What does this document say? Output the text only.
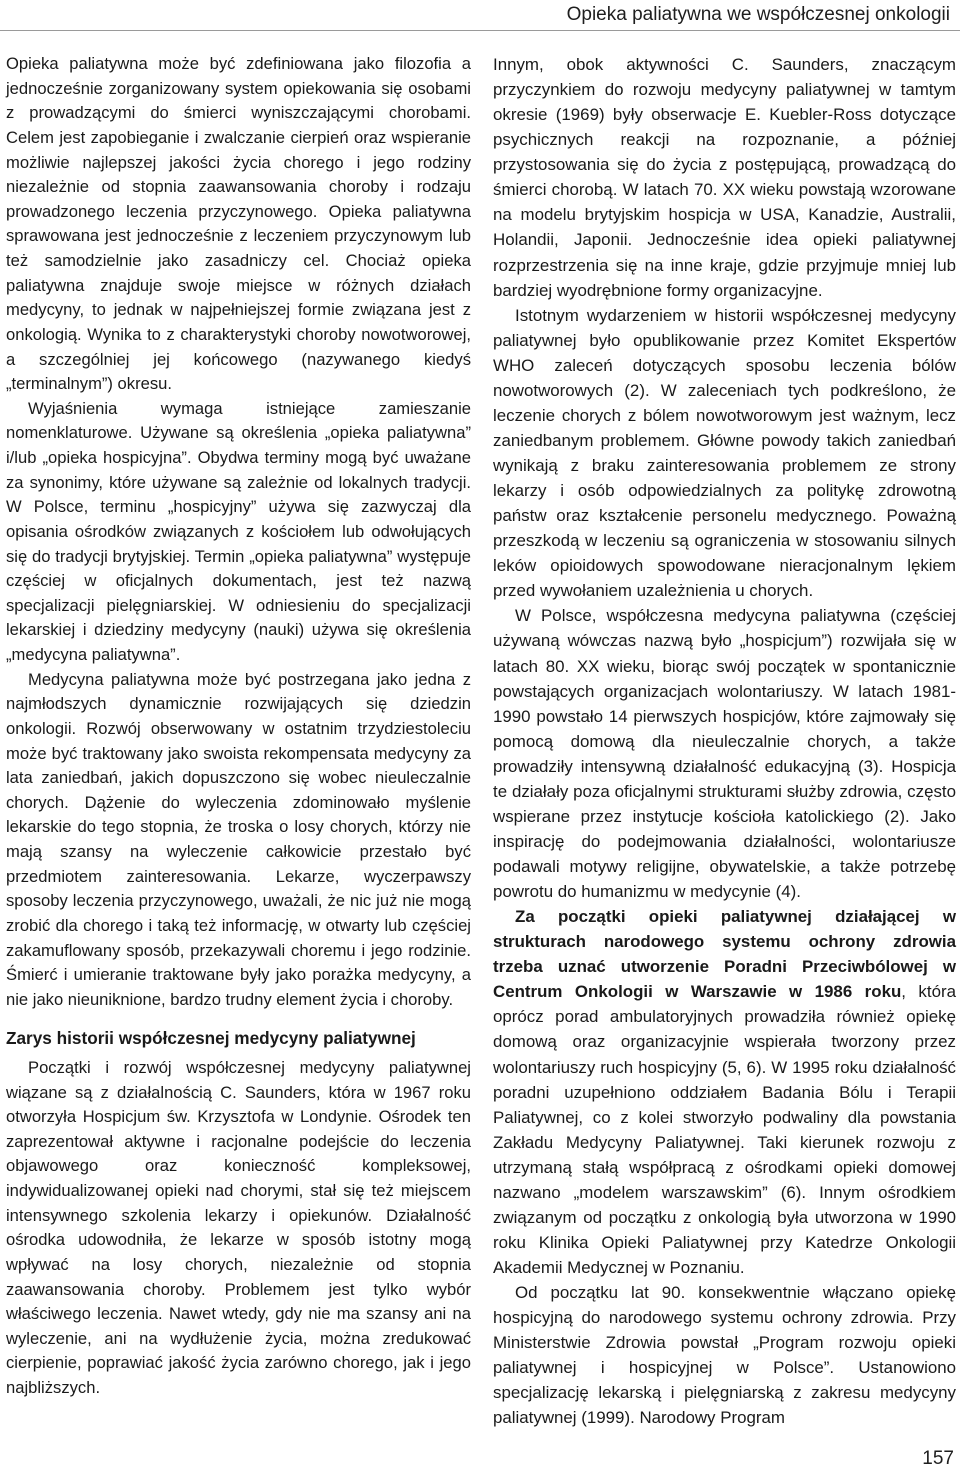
Opieka paliatywna we współczesnej onkologii

Opieka paliatywna może być zdefiniowana jako filozofia a jednocześnie zorganizowany system opiekowania się osobami z prowadzącymi do śmierci wyniszczającymi chorobami. Celem jest zapobieganie i zwalczanie cierpień oraz wspieranie możliwie najlepszej jakości życia chorego i jego rodziny niezależnie od stopnia zaawansowania choroby i rodzaju prowadzonego leczenia przyczynowego. Opieka paliatywna sprawowana jest jednocześnie z leczeniem przyczynowym lub też samodzielnie jako zasadniczy cel. Chociaż opieka paliatywna znajduje swoje miejsce w różnych działach medycyny, to jednak w najpełniejszej formie związana jest z onkologią. Wynika to z charakterystyki choroby nowotworowej, a szczególniej jej końcowego (nazywanego kiedyś „terminalnym”) okresu.

Wyjaśnienia wymaga istniejące zamieszanie nomenklaturowe. Używane są określenia „opieka paliatywna” i/lub „opieka hospicyjna”. Obydwa terminy mogą być uważane za synonimy, które używane są zależnie od lokalnych tradycji. W Polsce, terminu „hospicyjny” używa się zazwyczaj dla opisania ośrodków związanych z kościołem lub odwołujących się do tradycji brytyjskiej. Termin „opieka paliatywna” występuje częściej w oficjalnych dokumentach, jest też nazwą specjalizacji pielęgniarskiej. W odniesieniu do specjalizacji lekarskiej i dziedziny medycyny (nauki) używa się określenia „medycyna paliatywna”.

Medycyna paliatywna może być postrzegana jako jedna z najmłodszych dynamicznie rozwijających się dziedzin onkologii. Rozwój obserwowany w ostatnim trzydziestoleciu może być traktowany jako swoista rekompensata medycyny za lata zaniedbań, jakich dopuszczono się wobec nieuleczalnie chorych. Dążenie do wyleczenia zdominowało myślenie lekarskie do tego stopnia, że troska o losy chorych, którzy nie mają szansy na wyleczenie całkowicie przestało być przedmiotem zainteresowania. Lekarze, wyczerpawszy sposoby leczenia przyczynowego, uważali, że nic już nie mogą zrobić dla chorego i taką też informację, w otwarty lub częściej zakamuflowany sposób, przekazywali choremu i jego rodzinie. Śmierć i umieranie traktowane były jako porażka medycyny, a nie jako nieuniknione, bardzo trudny element życia i choroby.

Zarys historii współczesnej medycyny paliatywnej

Początki i rozwój współczesnej medycyny paliatywnej wiązane są z działalnością C. Saunders, która w 1967 roku otworzyła Hospicjum św. Krzysztofa w Londynie. Ośrodek ten zaprezentował aktywne i racjonalne podejście do leczenia objawowego oraz konieczność kompleksowej, indywidualizowanej opieki nad chorymi, stał się też miejscem intensywnego szkolenia lekarzy i opiekunów. Działalność ośrodka udowodniła, że lekarze w sposób istotny mogą wpływać na losy chorych, niezależnie od stopnia zaawansowania choroby. Problemem jest tylko wybór właściwego leczenia. Nawet wtedy, gdy nie ma szansy ani na wyleczenie, ani na wydłużenie życia, można zredukować cierpienie, poprawiać jakość życia zarówno chorego, jak i jego najbliższych.

Innym, obok aktywności C. Saunders, znaczącym przyczynkiem do rozwoju medycyny paliatywnej w tamtym okresie (1969) były obserwacje E. Kuebler-Ross dotyczące psychicznych reakcji na rozpoznanie, a później przystosowania się do życia z postępującą, prowadzącą do śmierci chorobą. W latach 70. XX wieku powstają wzorowane na modelu brytyjskim hospicja w USA, Kanadzie, Australii, Holandii, Japonii. Jednocześnie idea opieki paliatywnej rozprzestrzenia się na inne kraje, gdzie przyjmuje mniej lub bardziej wyodrębnione formy organizacyjne.

Istotnym wydarzeniem w historii współczesnej medycyny paliatywnej było opublikowanie przez Komitet Ekspertów WHO zaleceń dotyczących sposobu leczenia bólów nowotworowych (2). W zaleceniach tych podkreślono, że leczenie chorych z bólem nowotworowym jest ważnym, lecz zaniedbanym problemem. Główne powody takich zaniedbań wynikają z braku zainteresowania problemem ze strony lekarzy i osób odpowiedzialnych za politykę zdrowotną państw oraz kształcenie personelu medycznego. Poważną przeszkodą w leczeniu są ograniczenia w stosowaniu silnych leków opioidowych spowodowane nieracjonalnym lękiem przed wywołaniem uzależnienia u chorych.

W Polsce, współczesna medycyna paliatywna (częściej używaną wówczas nazwą było „hospicjum”) rozwijała się w latach 80. XX wieku, biorąc swój początek w spontanicznie powstających organizacjach wolontariuszy. W latach 1981-1990 powstało 14 pierwszych hospicjów, które zajmowały się pomocą domową dla nieuleczalnie chorych, a także prowadziły intensywną działalność edukacyjną (3). Hospicja te działały poza oficjalnymi strukturami służby zdrowia, często wspierane przez instytucje kościoła katolickiego (2). Jako inspirację do podejmowania działalności, wolontariusze podawali motywy religijne, obywatelskie, a także potrzebę powrotu do humanizmu w medycynie (4).

Za początki opieki paliatywnej działającej w strukturach narodowego systemu ochrony zdrowia trzeba uznać utworzenie Poradni Przeciwbólowej w Centrum Onkologii w Warszawie w 1986 roku, która oprócz porad ambulatoryjnych prowadziła również opiekę domową oraz organizacyjnie wspierała tworzony przez wolontariuszy ruch hospicyjny (5, 6). W 1995 roku działalność poradni uzupełniono oddziałem Badania Bólu i Terapii Paliatywnej, co z kolei stworzyło podwaliny dla powstania Zakładu Medycyny Paliatywnej. Taki kierunek rozwoju z utrzymaną stałą współpracą z ośrodkami opieki domowej nazwano „modelem warszawskim” (6). Innym ośrodkiem związanym od początku z onkologią była utworzona w 1990 roku Klinika Opieki Paliatywnej przy Katedrze Onkologii Akademii Medycznej w Poznaniu.

Od początku lat 90. konsekwentnie włączano opiekę hospicyjną do narodowego systemu ochrony zdrowia. Przy Ministerstwie Zdrowia powstał „Program rozwoju opieki paliatywnej i hospicyjnej w Polsce”. Ustanowiono specjalizację lekarską i pielęgniarską z zakresu medycyny paliatywnej (1999). Narodowy Program

157
